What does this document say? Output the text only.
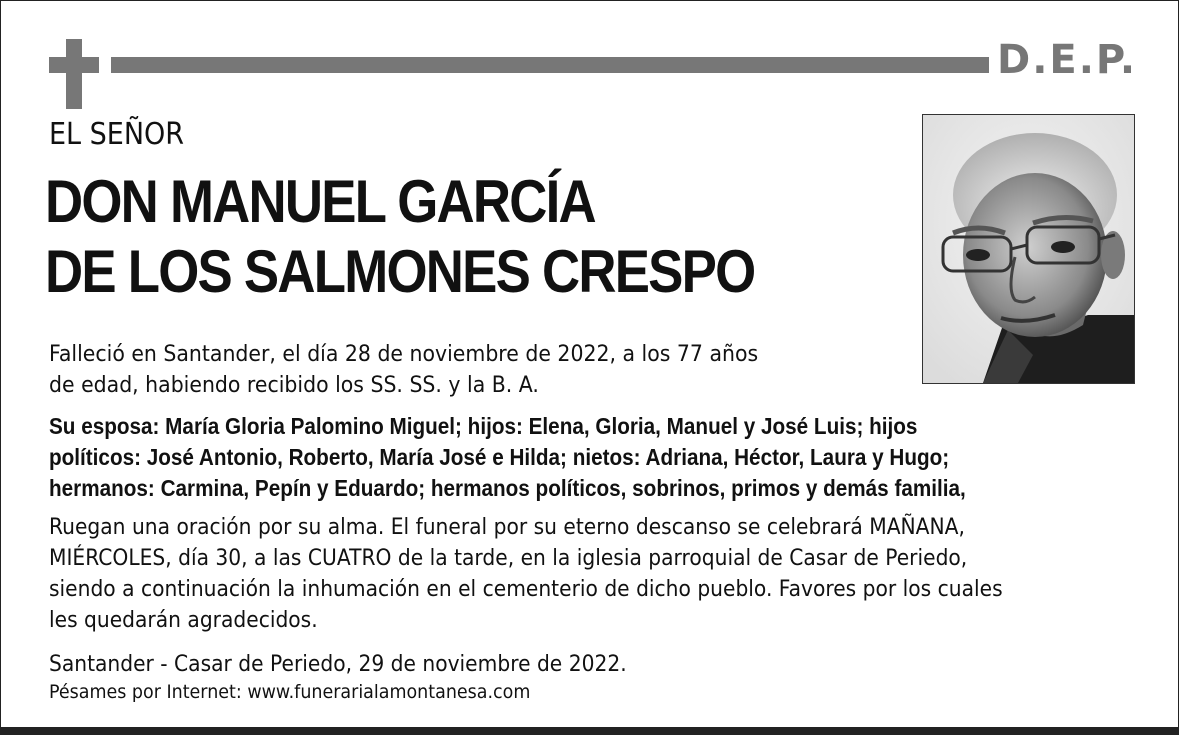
D.E.P.
EL SEÑOR
DON MANUEL GARCÍA
DE LOS SALMONES CRESPO
Falleció en Santander, el día 28 de noviembre de 2022, a los 77 años
de edad, habiendo recibido los SS. SS. y la B. A.
Su esposa: María Gloria Palomino Miguel; hijos: Elena, Gloria, Manuel y José Luis; hijos
políticos: José Antonio, Roberto, María José e Hilda; nietos: Adriana, Héctor, Laura y Hugo;
hermanos: Carmina, Pepín y Eduardo; hermanos políticos, sobrinos, primos y demás familia,
Ruegan una oración por su alma. El funeral por su eterno descanso se celebrará MAÑANA,
MIÉRCOLES, día 30, a las CUATRO de la tarde, en la iglesia parroquial de Casar de Periedo,
siendo a continuación la inhumación en el cementerio de dicho pueblo. Favores por los cuales
les quedarán agradecidos.
Santander - Casar de Periedo, 29 de noviembre de 2022.
Pésames por Internet: www.funerarialamontanesa.com
